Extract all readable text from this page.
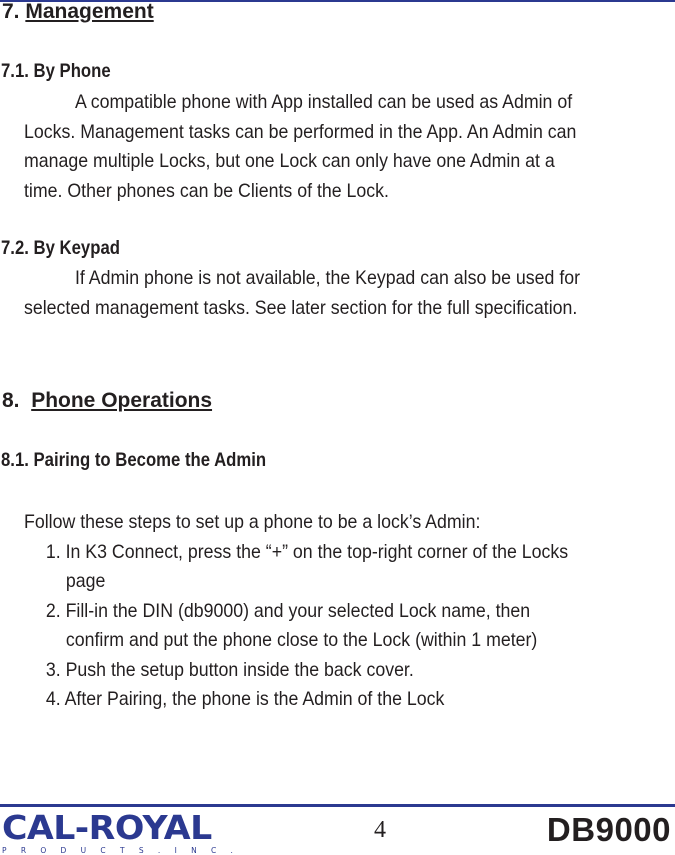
7. Management
7.1. By Phone

A compatible phone with App installed can be used as Admin of

Locks. Management tasks can be performed in the App. An Admin can

manage multiple Locks, but one Lock can only have one Admin at a

time. Other phones can be Clients of the Lock.

7.2. By Keypad

If Admin phone is not available, the Keypad can also be used for

selected management tasks. See later section for the full specification.

8. Phone Operations
8.1. Pairing to Become the Admin

Follow these steps to set up a phone to be a lock’s Admin:

1. In K3 Connect, press the “+” on the top-right corner of the Locks

page

2. Fill-in the DIN (db9000) and your selected Lock name, then

confirm and put the phone close to the Lock (within 1 meter)

3. Push the setup button inside the back cover.

4. After Pairing, the phone is the Admin of the Lock

CAL-ROYAL
PRODUCTS.INC.
4	DB9000
